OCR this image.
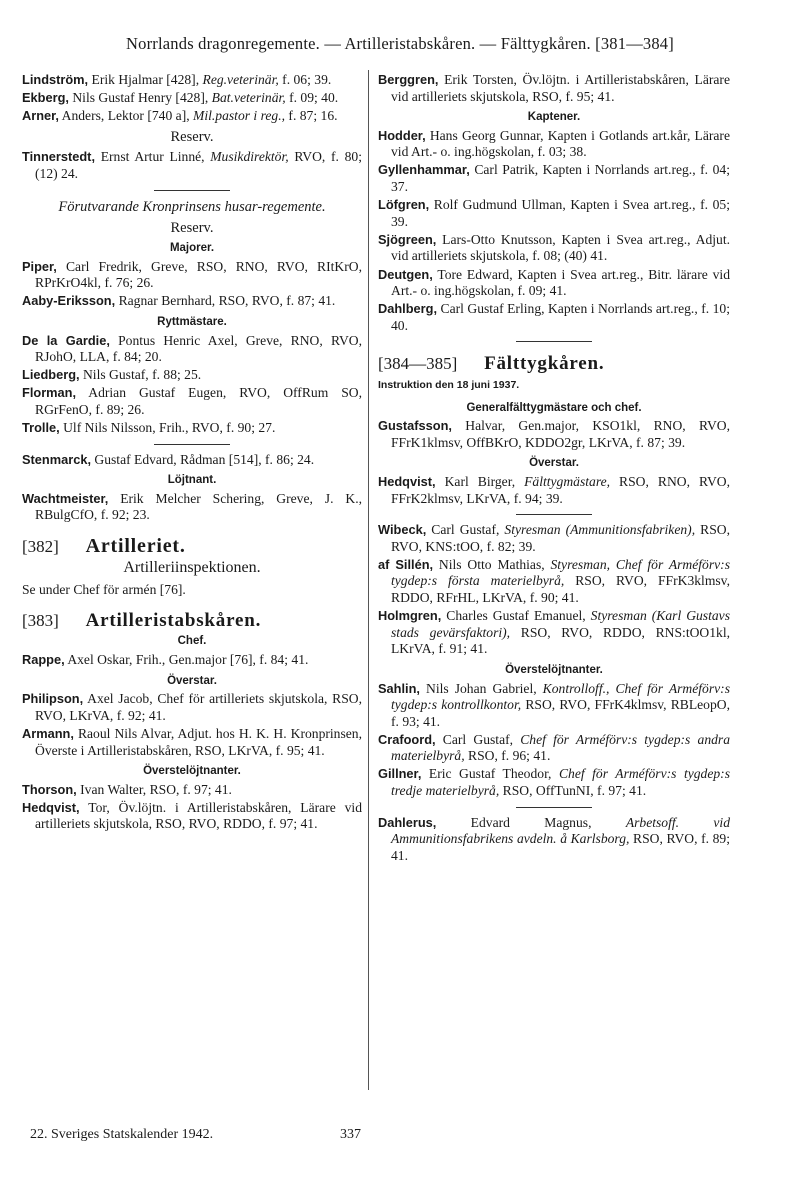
Norrlands dragonregemente. — Artilleristabskåren. — Fälttygkåren. [381—384]
Lindström, Erik Hjalmar [428], Reg.veterinär, f. 06; 39.
Ekberg, Nils Gustaf Henry [428], Bat.veterinär, f. 09; 40.
Arner, Anders, Lektor [740 a], Mil.pastor i reg., f. 87; 16.
Reserv.
Tinnerstedt, Ernst Artur Linné, Musikdirektör, RVO, f. 80; (12) 24.
Förutvarande Kronprinsens husar-regemente.
Reserv.
Majorer.
Piper, Carl Fredrik, Greve, RSO, RNO, RVO, RItKrO, RPrKrO4kl, f. 76; 26.
Aaby-Eriksson, Ragnar Bernhard, RSO, RVO, f. 87; 41.
Ryttmästare.
De la Gardie, Pontus Henric Axel, Greve, RNO, RVO, RJohO, LLA, f. 84; 20.
Liedberg, Nils Gustaf, f. 88; 25.
Florman, Adrian Gustaf Eugen, RVO, OffRum SO, RGrFenO, f. 89; 26.
Trolle, Ulf Nils Nilsson, Frih., RVO, f. 90; 27.
Stenmarck, Gustaf Edvard, Rådman [514], f. 86; 24.
Löjtnant.
Wachtmeister, Erik Melcher Schering, Greve, J. K., RBulgCfO, f. 92; 23.
[382] Artilleriet.
Artilleriinspektionen.
Se under Chef för armén [76].
[383] Artilleristabskåren.
Chef.
Rappe, Axel Oskar, Frih., Gen.major [76], f. 84; 41.
Överstar.
Philipson, Axel Jacob, Chef för artilleriets skjutskola, RSO, RVO, LKrVA, f. 92; 41.
Armann, Raoul Nils Alvar, Adjut. hos H. K. H. Kronprinsen, Överste i Artilleristabskåren, RSO, LKrVA, f. 95; 41.
Överstelöjtnanter.
Thorson, Ivan Walter, RSO, f. 97; 41.
Hedqvist, Tor, Öv.löjtn. i Artilleristabskåren, Lärare vid artilleriets skjutskola, RSO, RVO, RDDO, f. 97; 41.
Berggren, Erik Torsten, Öv.löjtn. i Artilleristabskåren, Lärare vid artilleriets skjutskola, RSO, f. 95; 41.
Kaptener.
Hodder, Hans Georg Gunnar, Kapten i Gotlands art.kår, Lärare vid Art.- o. ing.högskolan, f. 03; 38.
Gyllenhammar, Carl Patrik, Kapten i Norrlands art.reg., f. 04; 37.
Löfgren, Rolf Gudmund Ullman, Kapten i Svea art.reg., f. 05; 39.
Sjögreen, Lars-Otto Knutsson, Kapten i Svea art.reg., Adjut. vid artilleriets skjutskola, f. 08; (40) 41.
Deutgen, Tore Edward, Kapten i Svea art.reg., Bitr. lärare vid Art.- o. ing.högskolan, f. 09; 41.
Dahlberg, Carl Gustaf Erling, Kapten i Norrlands art.reg., f. 10; 40.
[384—385] Fälttygkåren.
Instruktion den 18 juni 1937.
Generalfälttygmästare och chef.
Gustafsson, Halvar, Gen.major, KSO1kl, RNO, RVO, FFrK1klmsv, OffBKrO, KDDO2gr, LKrVA, f. 87; 39.
Överstar.
Hedqvist, Karl Birger, Fälttygmästare, RSO, RNO, RVO, FFrK2klmsv, LKrVA, f. 94; 39.
Wibeck, Carl Gustaf, Styresman (Ammunitionsfabriken), RSO, RVO, KNS:tOO, f. 82; 39.
af Sillén, Nils Otto Mathias, Styresman, Chef för Arméförv:s tygdep:s första materielbyrå, RSO, RVO, FFrK3klmsv, RDDO, RFrHL, LKrVA, f. 90; 41.
Holmgren, Charles Gustaf Emanuel, Styresman (Karl Gustavs stads gevärsfaktori), RSO, RVO, RDDO, RNS:tOO1kl, LKrVA, f. 91; 41.
Överstelöjtnanter.
Sahlin, Nils Johan Gabriel, Kontrolloff., Chef för Arméförv:s tygdep:s kontrollkontor, RSO, RVO, FFrK4klmsv, RBLeopO, f. 93; 41.
Crafoord, Carl Gustaf, Chef för Arméförv:s tygdep:s andra materielbyrå, RSO, f. 96; 41.
Gillner, Eric Gustaf Theodor, Chef för Arméförv:s tygdep:s tredje materielbyrå, RSO, OffTunNI, f. 97; 41.
Dahlerus, Edvard Magnus, Arbetsoff. vid Ammunitionsfabrikens avdeln. å Karlsborg, RSO, RVO, f. 89; 41.
22. Sveriges Statskalender 1942.	337
